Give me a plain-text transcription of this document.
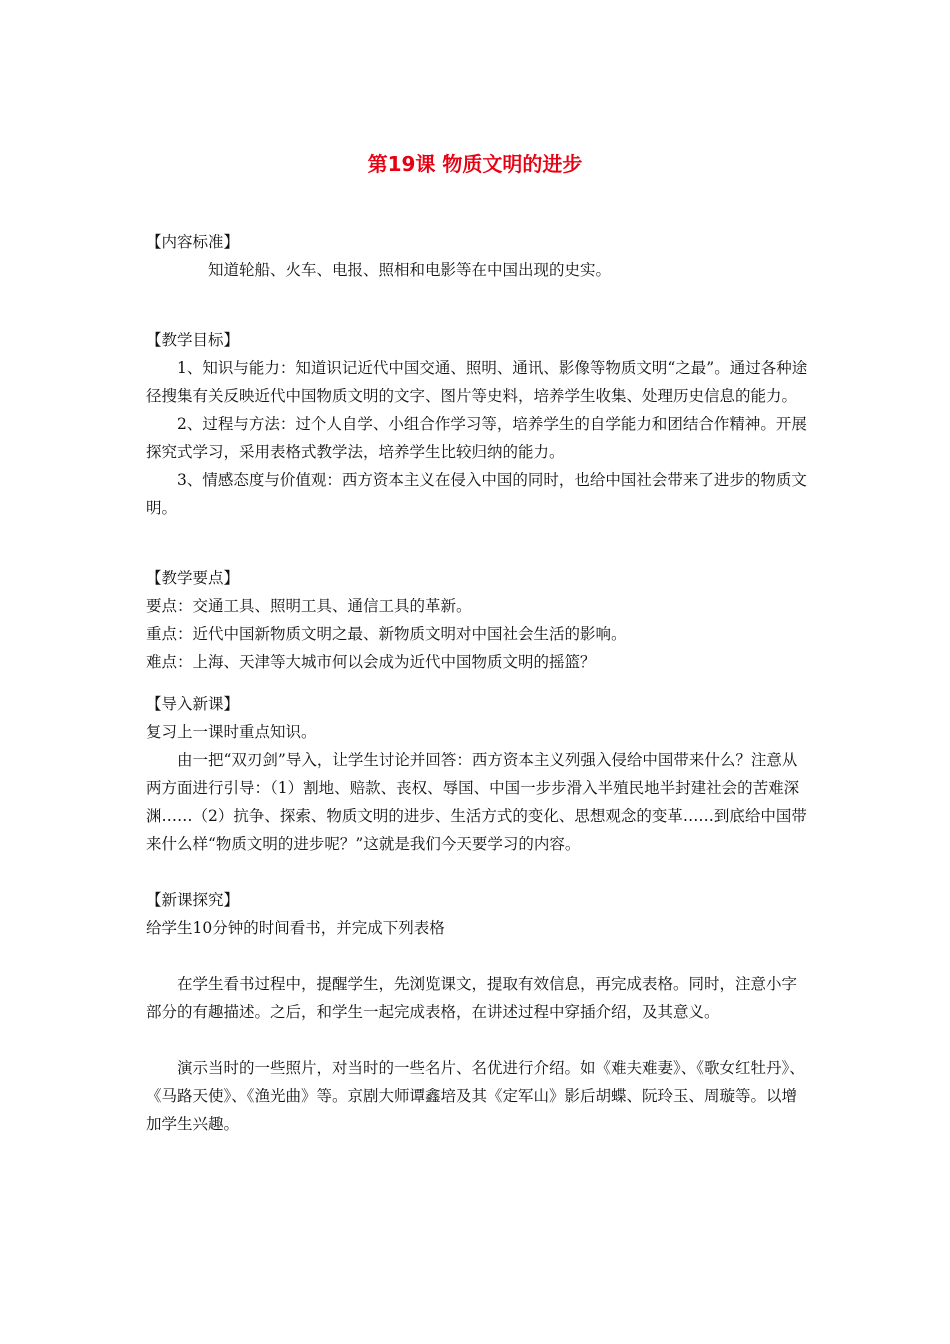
第19课 物质文明的进步

【内容标准】

知道轮船、火车、电报、照相和电影等在中国出现的史实。

【教学目标】

1、知识与能力：知道识记近代中国交通、照明、通讯、影像等物质文明“之最”。通过各种途径搜集有关反映近代中国物质文明的文字、图片等史料，培养学生收集、处理历史信息的能力。

2、过程与方法：过个人自学、小组合作学习等，培养学生的自学能力和团结合作精神。开展探究式学习，采用表格式教学法，培养学生比较归纳的能力。

3、情感态度与价值观：西方资本主义在侵入中国的同时，也给中国社会带来了进步的物质文明。

【教学要点】

要点：交通工具、照明工具、通信工具的革新。

重点：近代中国新物质文明之最、新物质文明对中国社会生活的影响。

难点：上海、天津等大城市何以会成为近代中国物质文明的摇篮？

【导入新课】

复习上一课时重点知识。

由一把“双刃剑”导入，让学生讨论并回答：西方资本主义列强入侵给中国带来什么？注意从两方面进行引导：（1）割地、赔款、丧权、辱国、中国一步步滑入半殖民地半封建社会的苦难深渊……（2）抗争、探索、物质文明的进步、生活方式的变化、思想观念的变革……到底给中国带来什么样“物质文明的进步呢？”这就是我们今天要学习的内容。

【新课探究】

给学生10分钟的时间看书，并完成下列表格

在学生看书过程中，提醒学生，先浏览课文，提取有效信息，再完成表格。同时，注意小字部分的有趣描述。之后，和学生一起完成表格，在讲述过程中穿插介绍，及其意义。

演示当时的一些照片，对当时的一些名片、名优进行介绍。如《难夫难妻》、《歌女红牡丹》、《马路天使》、《渔光曲》等。京剧大师谭鑫培及其《定军山》影后胡蝶、阮玲玉、周璇等。以增加学生兴趣。
